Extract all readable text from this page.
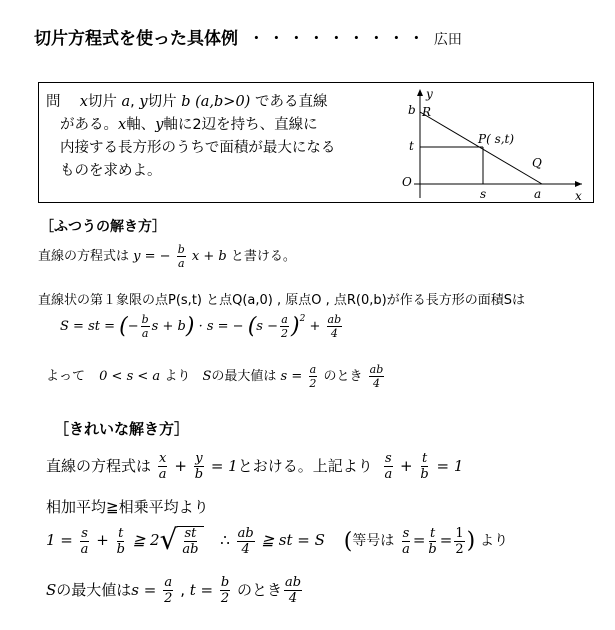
切片方程式を使った具体例 ・・・・・・・・・ 広田
問 x切片 a, y切片 b (a,b>0) である直線
がある。x軸、y軸に2辺を持ち、直線に
内接する長方形のうちで面積が最大になる
ものを求めよ。
y
x
O
b R
t	P( s,t)
Q
s	a
［ふつうの解き方］
直線の方程式は y = − $\frac{b}{a}$ x + b と書ける。
直線状の第１象限の点P(s,t) と点Q(a,0) , 原点O , 点R(0,b)が作る長方形の面積Sは
S = st = (− $\frac{b}{a}$ s + b) · s = − $(s - \frac{a}{2} )^2 + \frac{ab}{4}$
よって 0 < s < a より Sの最大値は $s = \frac{a}{2}$ のとき $\frac{ab}{4}$
［きれいな解き方］
直線の方程式は $\frac{x}{a} + \frac{y}{b} = 1$とおける。上記より $\frac{s}{a} + \frac{t}{b} = 1$
相加平均≧相乗平均より
$1 = \frac{s}{a} + \frac{t}{b}$ ≧ 2 √ $\frac{st}{ab}$ ∴ $\frac{ab}{4}$ ≧ st = S (等号は $\frac{s}{a} = \frac{t}{b} = \frac{1}{2}$ ) より
Sの最大値は$s = \frac{a}{2}$ , $t = \frac{b}{2}$ のとき $\frac{ab}{4}$
